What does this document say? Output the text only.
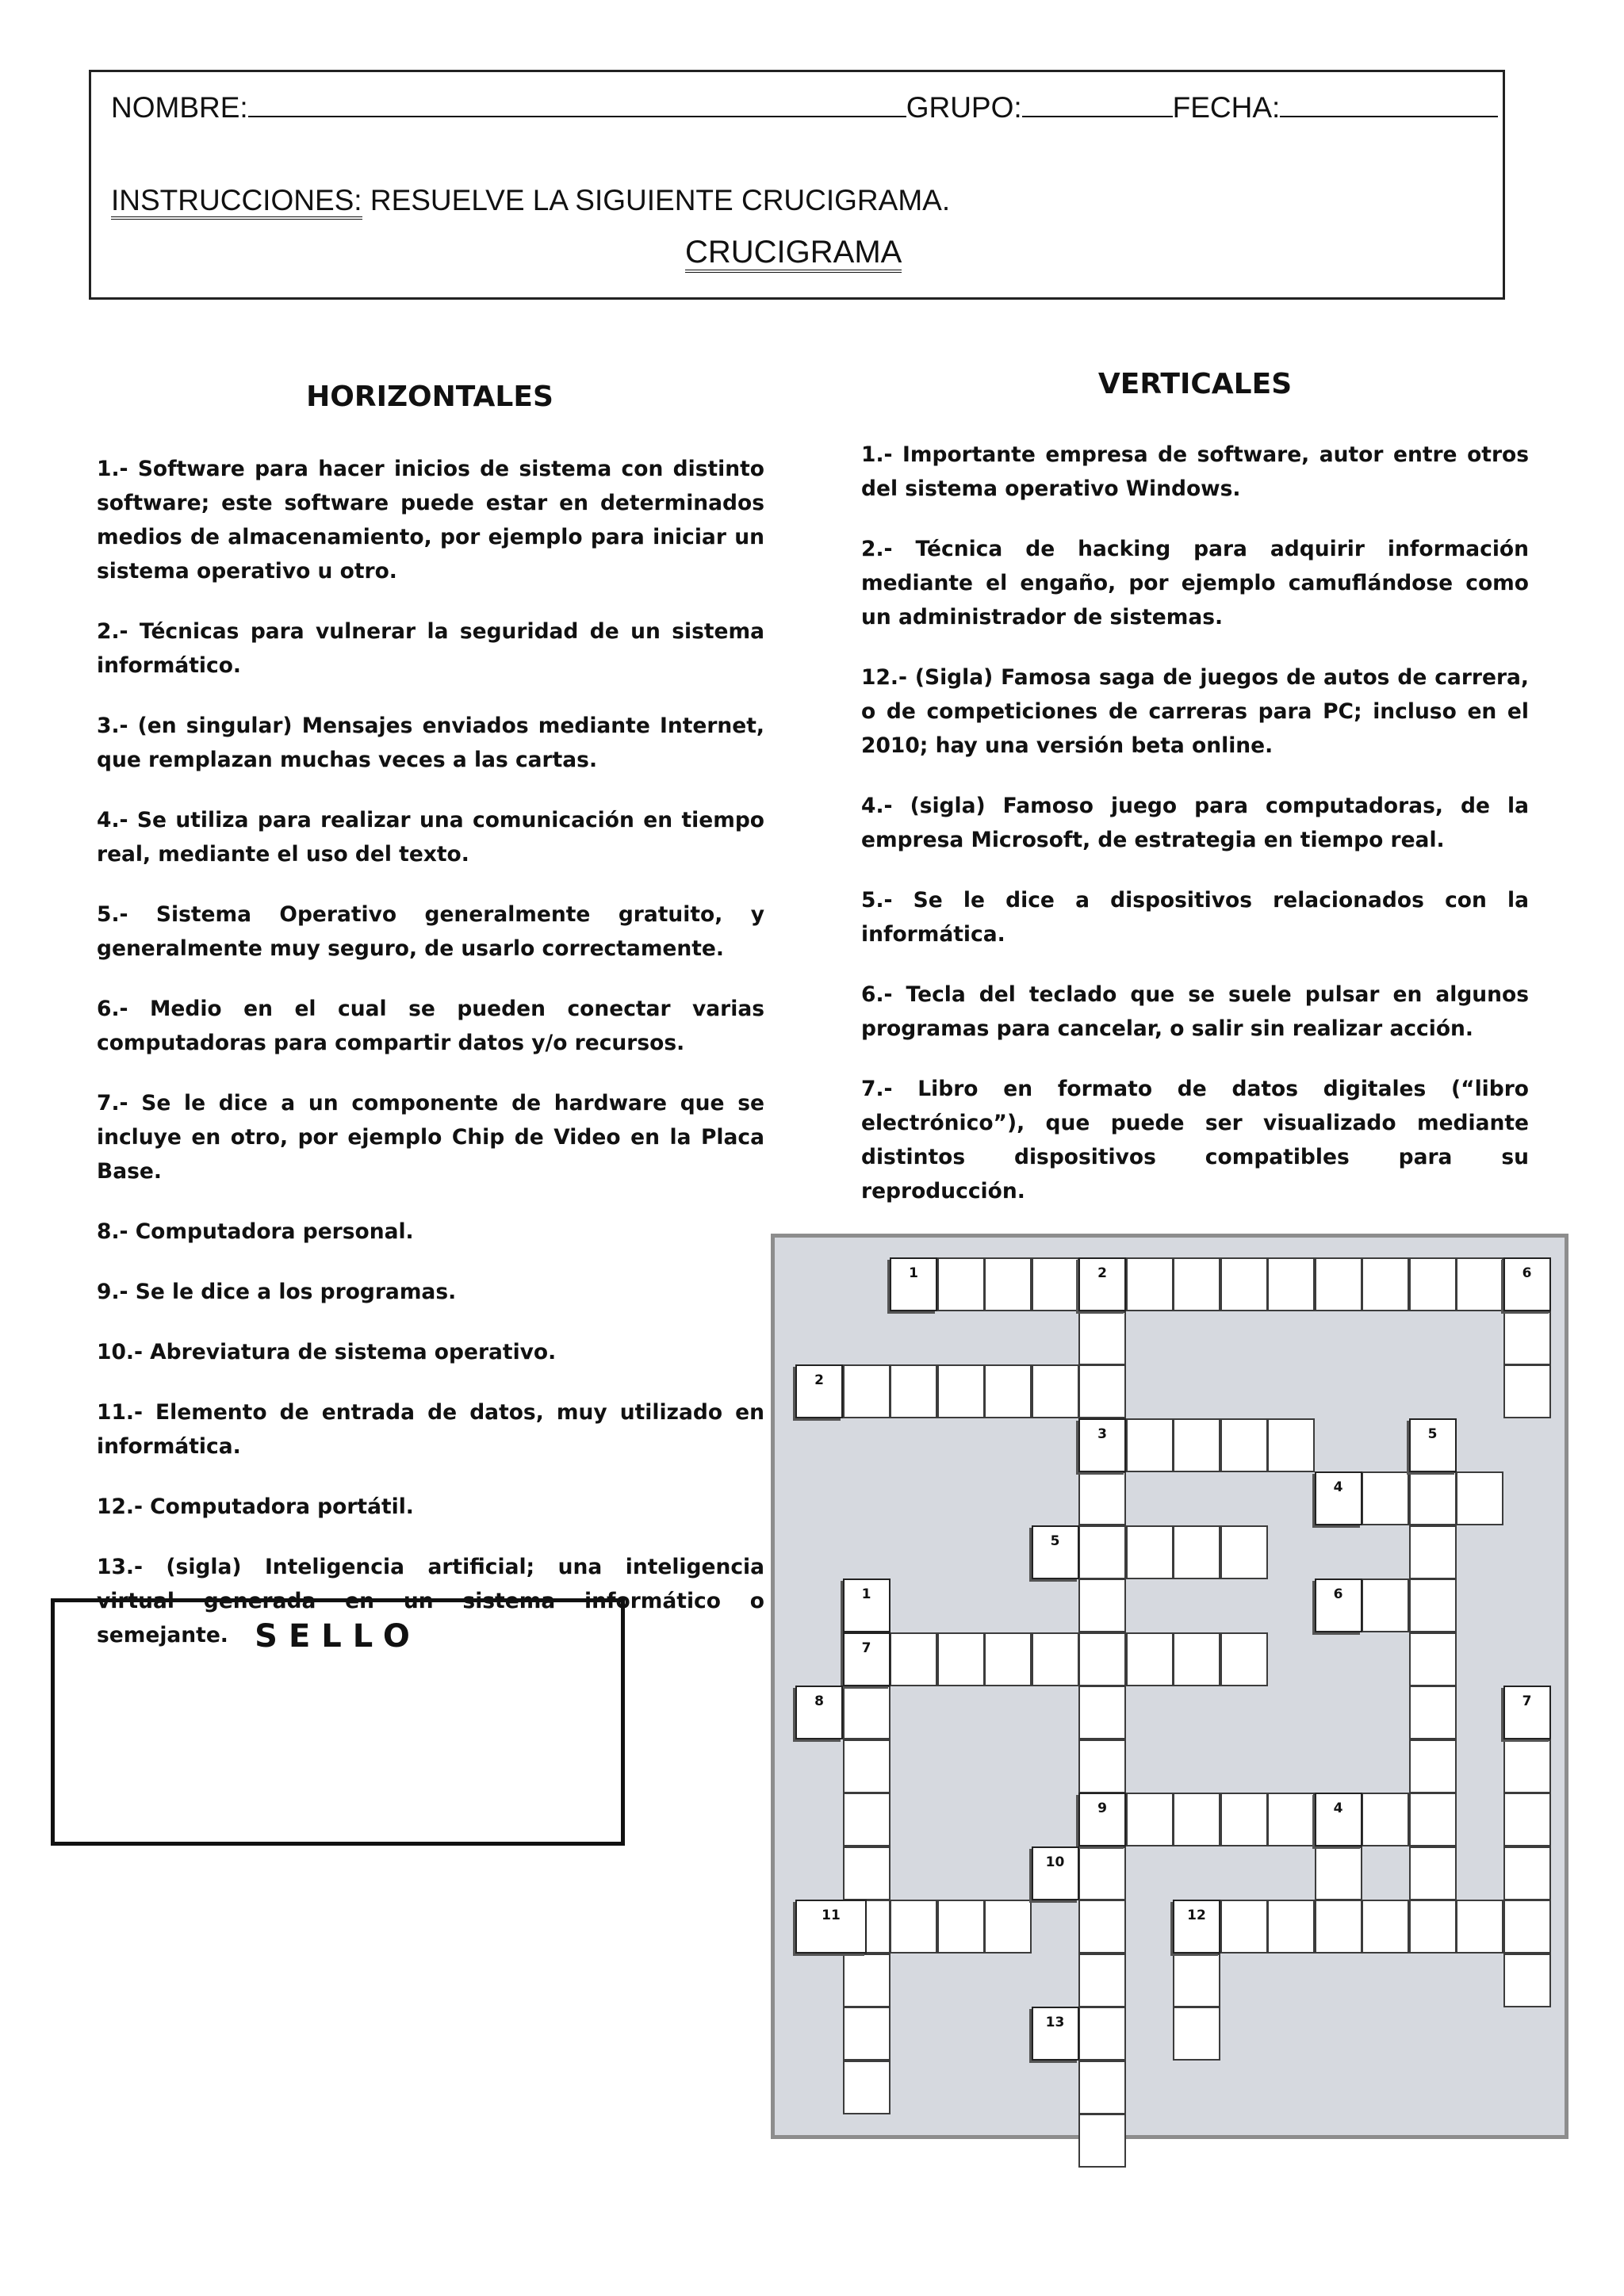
NOMBRE:	GRUPO:	FECHA:
INSTRUCCIONES: RESUELVE LA SIGUIENTE CRUCIGRAMA.
CRUCIGRAMA
HORIZONTALES	VERTICALES

1.- Software para hacer inicios de sistema con distinto software; este software puede estar en determinados medios de almacenamiento, por ejemplo para iniciar un sistema operativo u otro.

2.- Técnicas para vulnerar la seguridad de un sistema informático.

3.- (en singular) Mensajes enviados mediante Internet, que remplazan muchas veces a las cartas.

4.- Se utiliza para realizar una comunicación en tiempo real, mediante el uso del texto.

5.- Sistema Operativo generalmente gratuito, y generalmente muy seguro, de usarlo correctamente.

6.- Medio en el cual se pueden conectar varias computadoras para compartir datos y/o recursos.

7.- Se le dice a un componente de hardware que se incluye en otro, por ejemplo Chip de Video en la Placa Base.

8.- Computadora personal.

9.- Se le dice a los programas.

10.- Abreviatura de sistema operativo.

11.- Elemento de entrada de datos, muy utilizado en informática.

12.- Computadora portátil.

13.- (sigla) Inteligencia artificial; una inteligencia virtual generada en un sistema informático o semejante.

1.- Importante empresa de software, autor entre otros del sistema operativo Windows.

2.- Técnica de hacking para adquirir información mediante el engaño, por ejemplo camuflándose como un administrador de sistemas.

12.- (Sigla) Famosa saga de juegos de autos de carrera, o de competiciones de carreras para PC; incluso en el 2010; hay una versión beta online.

4.- (sigla) Famoso juego para computadoras, de la empresa Microsoft, de estrategia en tiempo real.

5.- Se le dice a dispositivos relacionados con la informática.

6.- Tecla del teclado que se suele pulsar en algunos programas para cancelar, o salir sin realizar acción.

7.- Libro en formato de datos digitales (“libro electrónico”), que puede ser visualizado mediante distintos dispositivos compatibles para su reproducción.

SELLO
1	2	6
2
3	5
4
5
1	6
7
8	7
9	4
10
11	12
13
